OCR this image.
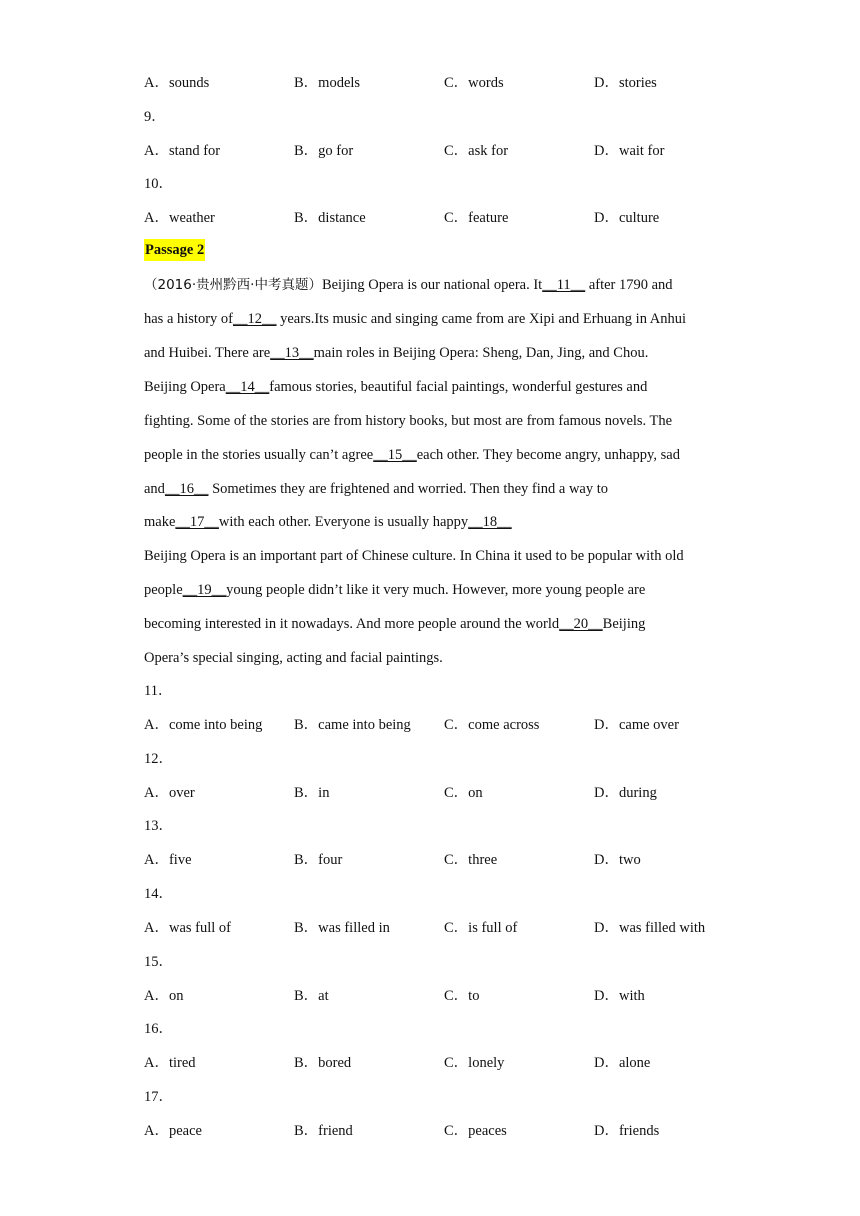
A．sounds	B．models	C．words	D．stories
9．
A．stand for	B．go for	C．ask for	D．wait for
10．
A．weather	B．distance	C．feature	D．culture
Passage 2
（2016·贵州黔西·中考真题）Beijing Opera is our national opera. It__11__ after 1790 and
has a history of__12__ years.Its music and singing came from are Xipi and Erhuang in Anhui
and Huibei. There are__13__main roles in Beijing Opera: Sheng, Dan, Jing, and Chou.
Beijing Opera__14__famous stories, beautiful facial paintings, wonderful gestures and
fighting. Some of the stories are from history books, but most are from famous novels. The
people in the stories usually can’t agree__15__each other. They become angry, unhappy, sad
and__16__ Sometimes they are frightened and worried. Then they find a way to
make__17__with each other. Everyone is usually happy__18__
Beijing Opera is an important part of Chinese culture. In China it used to be popular with old
people__19__young people didn’t like it very much. However, more young people are
becoming interested in it nowadays. And more people around the world__20__Beijing
Opera’s special singing, acting and facial paintings.
11．
A．come into being B．came into being C．come across	D．came over
12．
A．over	B．in	C．on	D．during
13．
A．five	B．four	C．three	D．two
14．
A．was full of	B．was filled in	C．is full of	D．was filled with
15．
A．on	B．at	C．to	D．with
16．
A．tired	B．bored	C．lonely	D．alone
17．
A．peace	B．friend	C．peaces	D．friends
